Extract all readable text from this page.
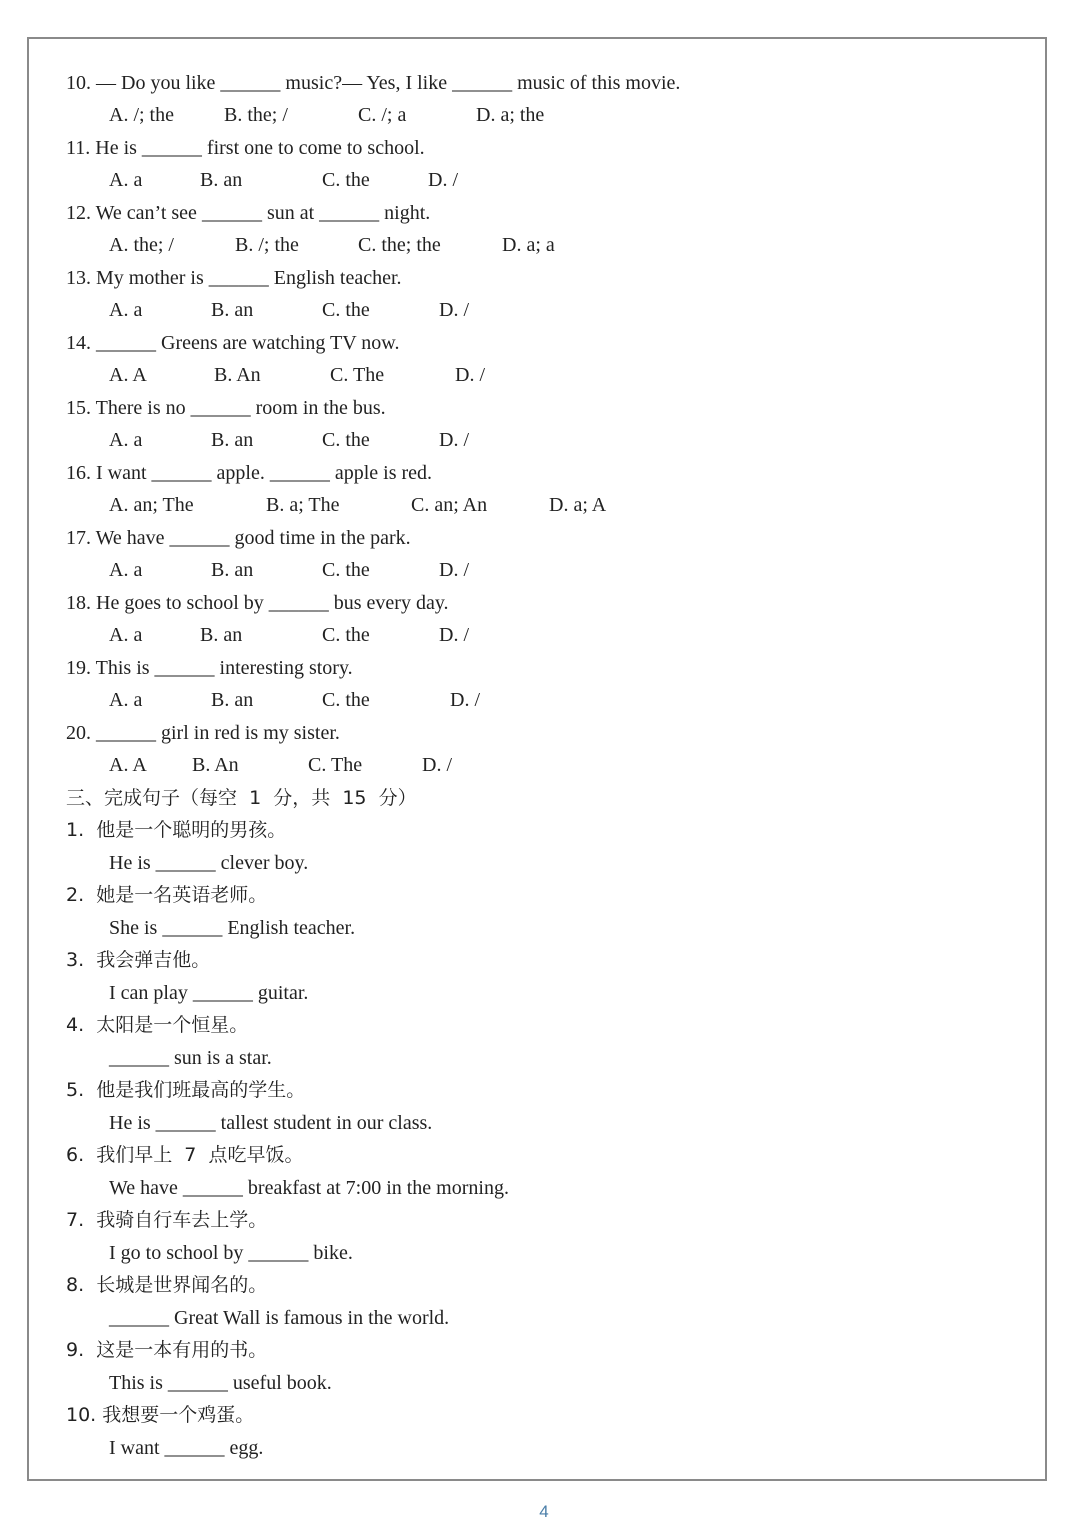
10. — Do you like ______ music?— Yes, I like ______ music of this movie.
A. /; the	B. the; /	C. /; a	D. a; the
11. He is ______ first one to come to school.
A. a	B. an	C. the	D. /
12. We can’t see ______ sun at ______ night.
A. the; /	B. /; the	C. the; the	D. a; a
13. My mother is ______ English teacher.
A. a	B. an	C. the	D. /
14. ______ Greens are watching TV now.
A. A	B. An	C. The	D. /
15. There is no ______ room in the bus.
A. a	B. an	C. the	D. /
16. I want ______ apple. ______ apple is red.
A. an; The	B. a; The	C. an; An	D. a; A
17. We have ______ good time in the park.
A. a	B. an	C. the	D. /
18. He goes to school by ______ bus every day.
A. a	B. an	C. the	D. /
19. This is ______ interesting story.
A. a	B. an	C. the	D. /
20. ______ girl in red is my sister.
A. A B. An	C. The	D. /
三、完成句子（每空  1  分，共  15  分）
1.  他是一个聪明的男孩。
He is ______ clever boy.
2.  她是一名英语老师。
She is ______ English teacher.
3.  我会弹吉他。
I can play ______ guitar.
4.  太阳是一个恒星。
______ sun is a star.
5.  他是我们班最高的学生。
He is ______ tallest student in our class.
6.  我们早上  7  点吃早饭。
We have ______ breakfast at 7:00 in the morning.
7.  我骑自行车去上学。
I go to school by ______ bike.
8.  长城是世界闻名的。
______ Great Wall is famous in the world.
9.  这是一本有用的书。
This is ______ useful book.
10. 我想要一个鸡蛋。
I want ______ egg.
4
